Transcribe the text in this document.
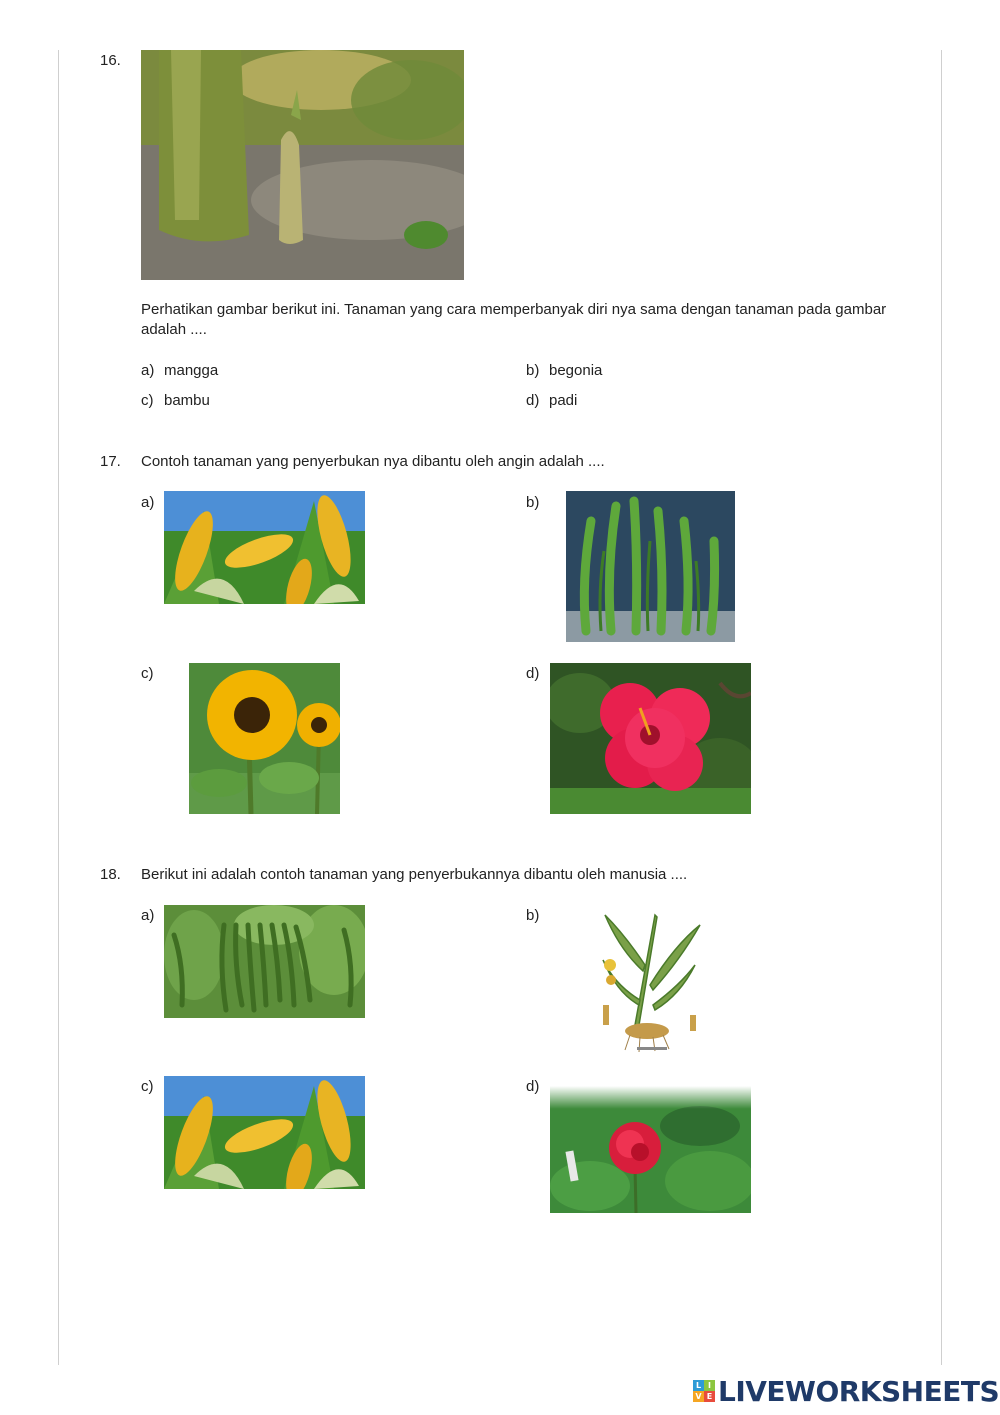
16.
Perhatikan gambar berikut ini. Tanaman yang cara memperbanyak diri nya sama dengan tanaman pada gambar adalah ....
a) mangga	b) begonia
c) bambu	d) padi
17. Contoh tanaman yang penyerbukan nya dibantu oleh angin adalah ....
a)	b)
c)	d)
18. Berikut ini adalah contoh tanaman yang penyerbukannya dibantu oleh manusia ....
a)	b)
c)	d)
L I
V E LIVEWORKSHEETS
